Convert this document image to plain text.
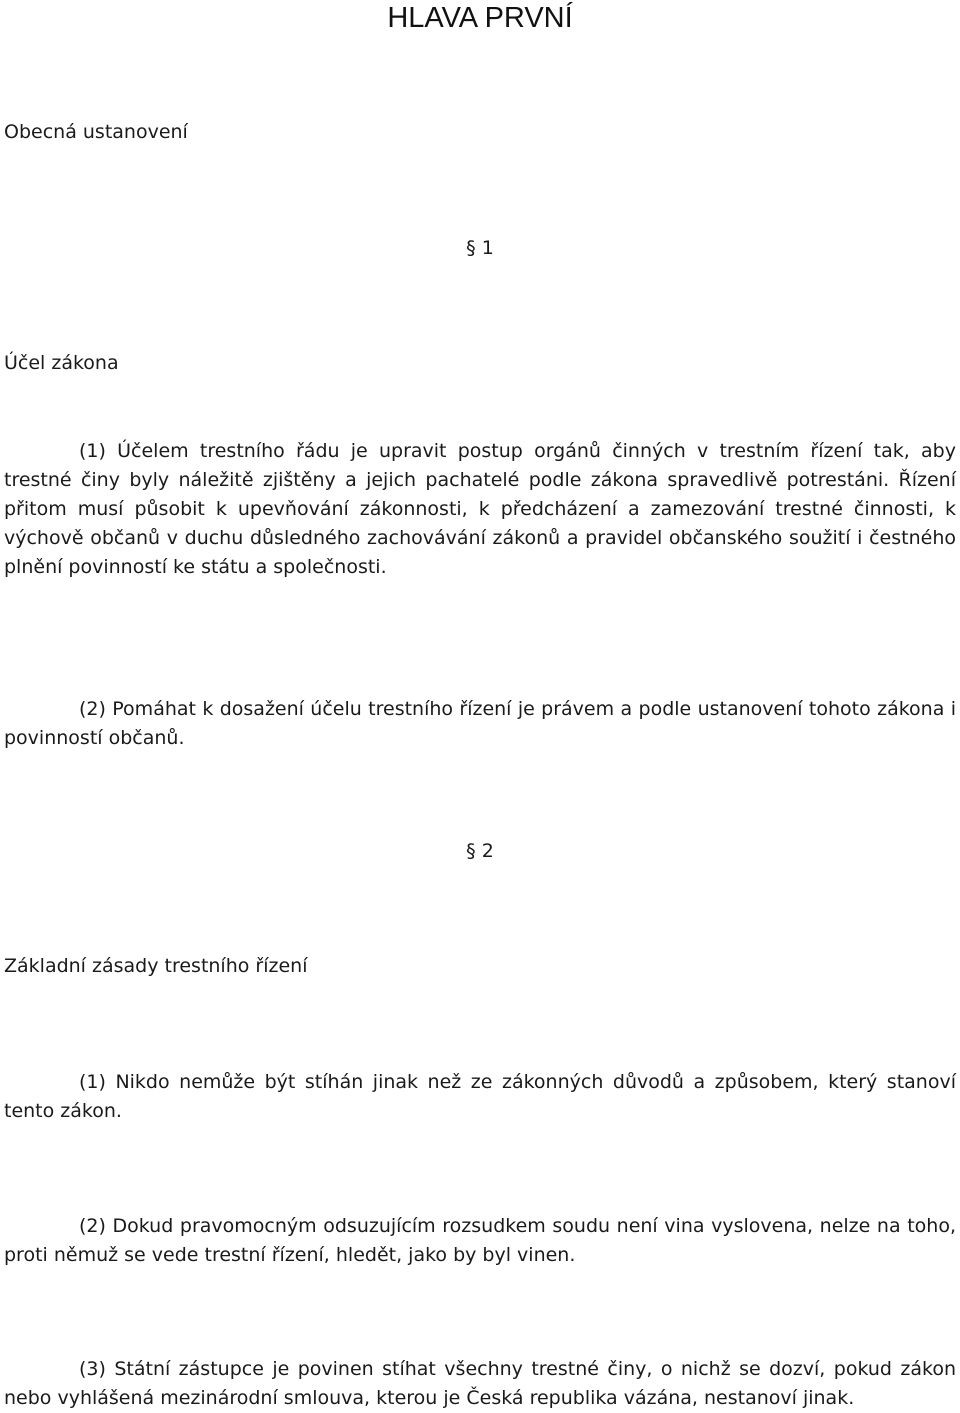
HLAVA PRVNÍ
Obecná ustanovení
§ 1
Účel zákona
(1) Účelem trestního řádu je upravit postup orgánů činných v trestním řízení tak, aby trestné činy byly náležitě zjištěny a jejich pachatelé podle zákona spravedlivě potrestáni. Řízení přitom musí působit k upevňování zákonnosti, k předcházení a zamezování trestné činnosti, k výchově občanů v duchu důsledného zachovávání zákonů a pravidel občanského soužití i čestného plnění povinností ke státu a společnosti.
(2) Pomáhat k dosažení účelu trestního řízení je právem a podle ustanovení tohoto zákona i povinností občanů.
§ 2
Základní zásady trestního řízení
(1) Nikdo nemůže být stíhán jinak než ze zákonných důvodů a způsobem, který stanoví tento zákon.
(2) Dokud pravomocným odsuzujícím rozsudkem soudu není vina vyslovena, nelze na toho, proti němuž se vede trestní řízení, hledět, jako by byl vinen.
(3) Státní zástupce je povinen stíhat všechny trestné činy, o nichž se dozví, pokud zákon nebo vyhlášená mezinárodní smlouva, kterou je Česká republika vázána, nestanoví jinak.
